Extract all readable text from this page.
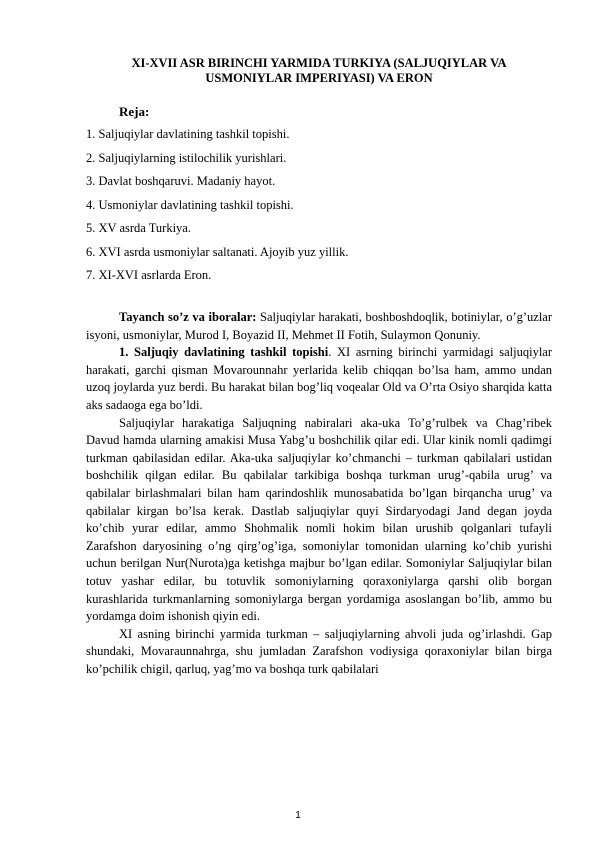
XI-XVII ASR BIRINCHI YARMIDA TURKIYA (SALJUQIYLAR VA USMONIYLAR IMPERIYASI) VA ERON
Reja:
1. Saljuqiylar davlatining tashkil topishi.
2. Saljuqiylarning istilochilik yurishlari.
3. Davlat boshqaruvi. Madaniy hayot.
4. Usmoniylar davlatining tashkil topishi.
5. XV asrda Turkiya.
6. XVI asrda usmoniylar saltanati. Ajoyib yuz yillik.
7. XI-XVI asrlarda Eron.

Tayanch so’z va iboralar: Saljuqiylar harakati, boshboshdoqlik, botiniylar, o’g’uzlar isyoni, usmoniylar, Murod I, Boyazid II, Mehmet II Fotih, Sulaymon Qonuniy.

1. Saljuqiy davlatining tashkil topishi. XI asrning birinchi yarmidagi saljuqiylar harakati, garchi qisman Movarounnahr yerlarida kelib chiqqan bo’lsa ham, ammo undan uzoq joylarda yuz berdi. Bu harakat bilan bog’liq voqealar Old va O’rta Osiyo sharqida katta aks sadaoga ega bo’ldi.

Saljuqiylar harakatiga Saljuqning nabiralari aka-uka To’g’rulbek va Chag’ribek Davud hamda ularning amakisi Musa Yabg’u boshchilik qilar edi. Ular kinik nomli qadimgi turkman qabilasidan edilar. Aka-uka saljuqiylar ko’chmanchi – turkman qabilalari ustidan boshchilik qilgan edilar. Bu qabilalar tarkibiga boshqa turkman urug’-qabila urug’ va qabilalar birlashmalari bilan ham qarindoshlik munosabatida bo’lgan birqancha urug’ va qabilalar kirgan bo’lsa kerak. Dastlab saljuqiylar quyi Sirdaryodagi Jand degan joyda ko’chib yurar edilar, ammo Shohmalik nomli hokim bilan urushib qolganlari tufayli Zarafshon daryosining o’ng qirg’og’iga, somoniylar tomonidan ularning ko’chib yurishi uchun berilgan Nur(Nurota)ga ketishga majbur bo’lgan edilar. Somoniylar Saljuqiylar bilan totuv yashar edilar, bu totuvlik somoniylarning qoraxoniylarga qarshi olib borgan kurashlarida turkmanlarning somoniylarga bergan yordamiga asoslangan bo’lib, ammo bu yordamga doim ishonish qiyin edi.

XI asning birinchi yarmida turkman – saljuqiylarning ahvoli juda og’irlashdi. Gap shundaki, Movaraunnahrga, shu jumladan Zarafshon vodiysiga qoraxoniylar bilan birga ko’pchilik chigil, qarluq, yag’mo va boshqa turk qabilalari

1
